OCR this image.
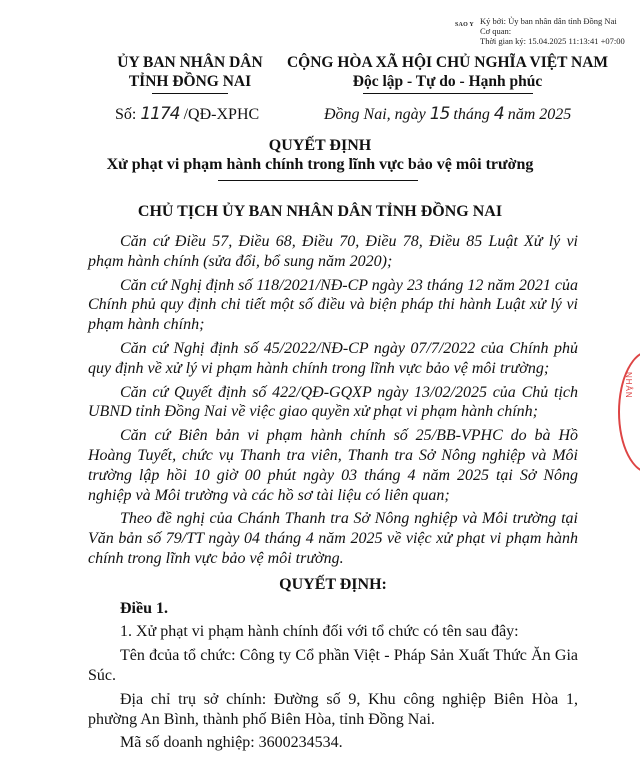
SAO Y Ký bởi: Ủy ban nhân dân tỉnh Đồng Nai
Cơ quan:
Thời gian ký: 15.04.2025 11:13:41 +07:00
ỦY BAN NHÂN DÂN
TỈNH ĐỒNG NAI
CỘNG HÒA XÃ HỘI CHỦ NGHĨA VIỆT NAM
Độc lập - Tự do - Hạnh phúc
Số: 1174 /QĐ-XPHC	Đồng Nai, ngày 15 tháng 4 năm 2025
QUYẾT ĐỊNH
Xử phạt vi phạm hành chính trong lĩnh vực bảo vệ môi trường
CHỦ TỊCH ỦY BAN NHÂN DÂN TỈNH ĐỒNG NAI

Căn cứ Điều 57, Điều 68, Điều 70, Điều 78, Điều 85 Luật Xử lý vi phạm hành chính (sửa đổi, bổ sung năm 2020);

Căn cứ Nghị định số 118/2021/NĐ-CP ngày 23 tháng 12 năm 2021 của Chính phủ quy định chi tiết một số điều và biện pháp thi hành Luật xử lý vi phạm hành chính;

Căn cứ Nghị định số 45/2022/NĐ-CP ngày 07/7/2022 của Chính phủ quy định về xử lý vi phạm hành chính trong lĩnh vực bảo vệ môi trường;

Căn cứ Quyết định số 422/QĐ-GQXP ngày 13/02/2025 của Chủ tịch UBND tỉnh Đồng Nai về việc giao quyền xử phạt vi phạm hành chính;

Căn cứ Biên bản vi phạm hành chính số 25/BB-VPHC do bà Hồ Hoàng Tuyết, chức vụ Thanh tra viên, Thanh tra Sở Nông nghiệp và Môi trường lập hồi 10 giờ 00 phút ngày 03 tháng 4 năm 2025 tại Sở Nông nghiệp và Môi trường và các hồ sơ tài liệu có liên quan;

Theo đề nghị của Chánh Thanh tra Sở Nông nghiệp và Môi trường tại Văn bản số 79/TT ngày 04 tháng 4 năm 2025 về việc xử phạt vi phạm hành chính trong lĩnh vực bảo vệ môi trường.

QUYẾT ĐỊNH:

Điều 1.

1. Xử phạt vi phạm hành chính đối với tổ chức có tên sau đây:

Tên đcủa tổ chức: Công ty Cổ phần Việt - Pháp Sản Xuất Thức Ăn Gia Súc.

Địa chỉ trụ sở chính: Đường số 9, Khu công nghiệp Biên Hòa 1, phường An Bình, thành phố Biên Hòa, tỉnh Đồng Nai.

Mã số doanh nghiệp: 3600234534.

NHÂN
